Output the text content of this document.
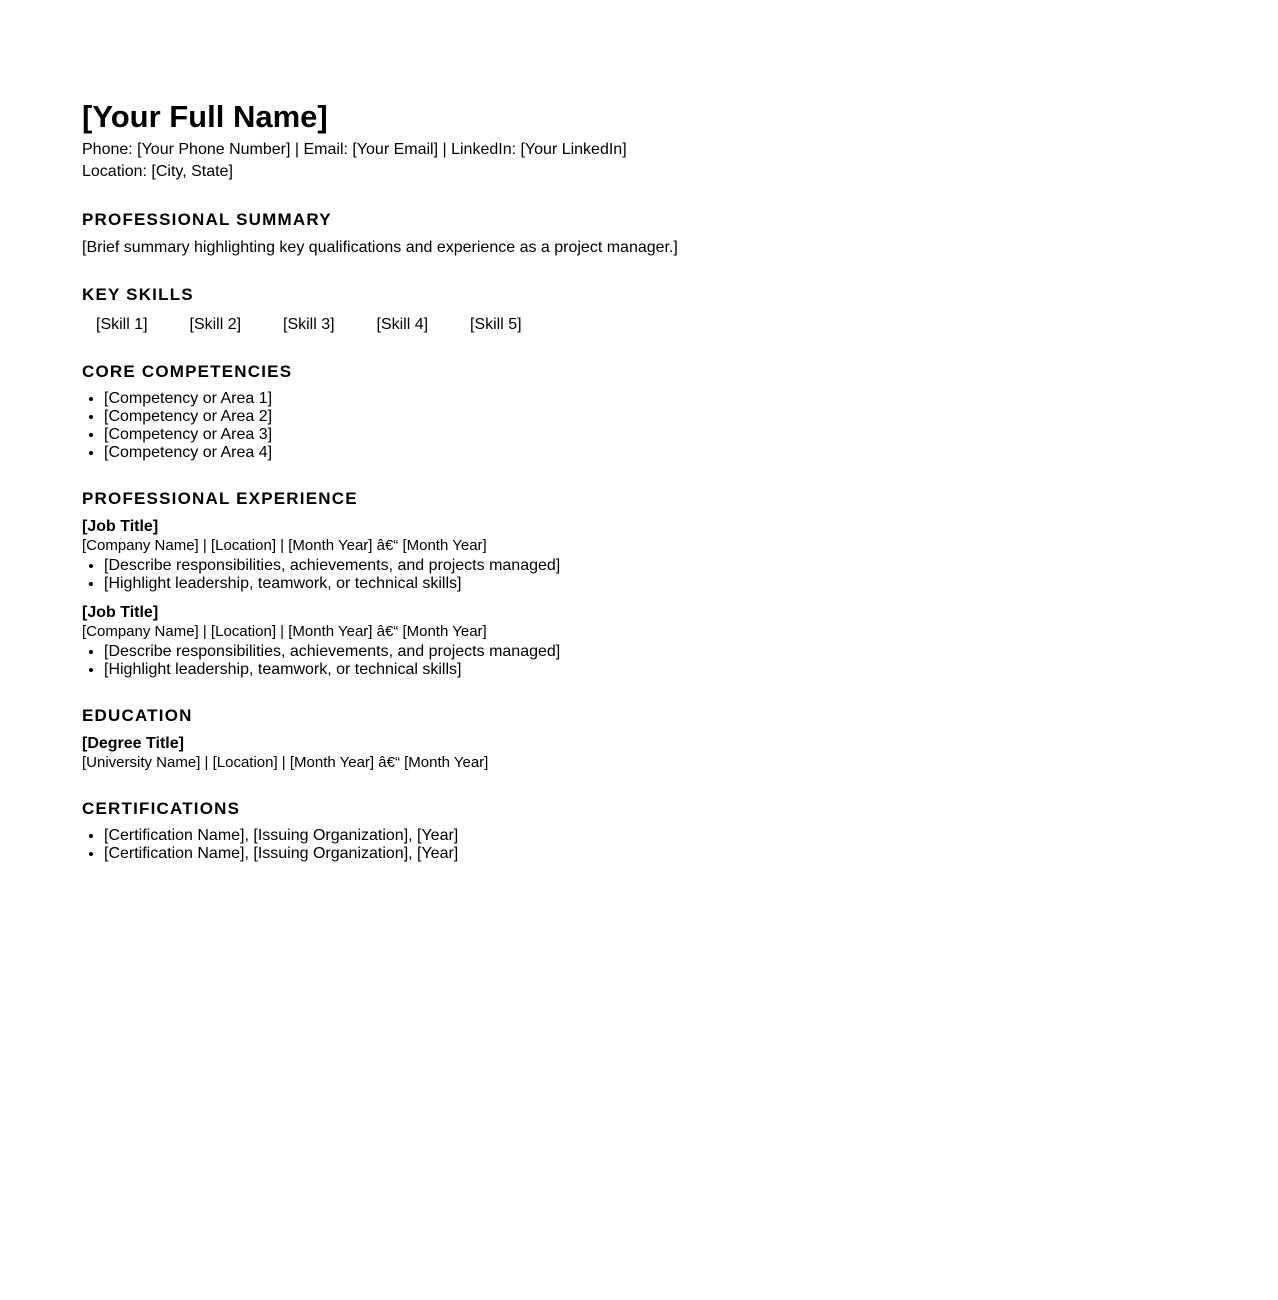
[Your Full Name]

Phone: [Your Phone Number] | Email: [Your Email] | LinkedIn: [Your LinkedIn]

Location: [City, State]

PROFESSIONAL SUMMARY

[Brief summary highlighting key qualifications and experience as a project manager.]

KEY SKILLS
[Skill 1]	[Skill 2]	[Skill 3]	[Skill 4]	[Skill 5]
CORE COMPETENCIES
• [Competency or Area 1]
• [Competency or Area 2]
• [Competency or Area 3]
• [Competency or Area 4]
PROFESSIONAL EXPERIENCE

[Job Title]

[Company Name] | [Location] | [Month Year] â€“ [Month Year]

• [Describe responsibilities, achievements, and projects managed]
• [Highlight leadership, teamwork, or technical skills]

[Job Title]

[Company Name] | [Location] | [Month Year] â€“ [Month Year]

• [Describe responsibilities, achievements, and projects managed]
• [Highlight leadership, teamwork, or technical skills]
EDUCATION

[Degree Title]

[University Name] | [Location] | [Month Year] â€“ [Month Year]

CERTIFICATIONS
• [Certification Name], [Issuing Organization], [Year]
• [Certification Name], [Issuing Organization], [Year]
